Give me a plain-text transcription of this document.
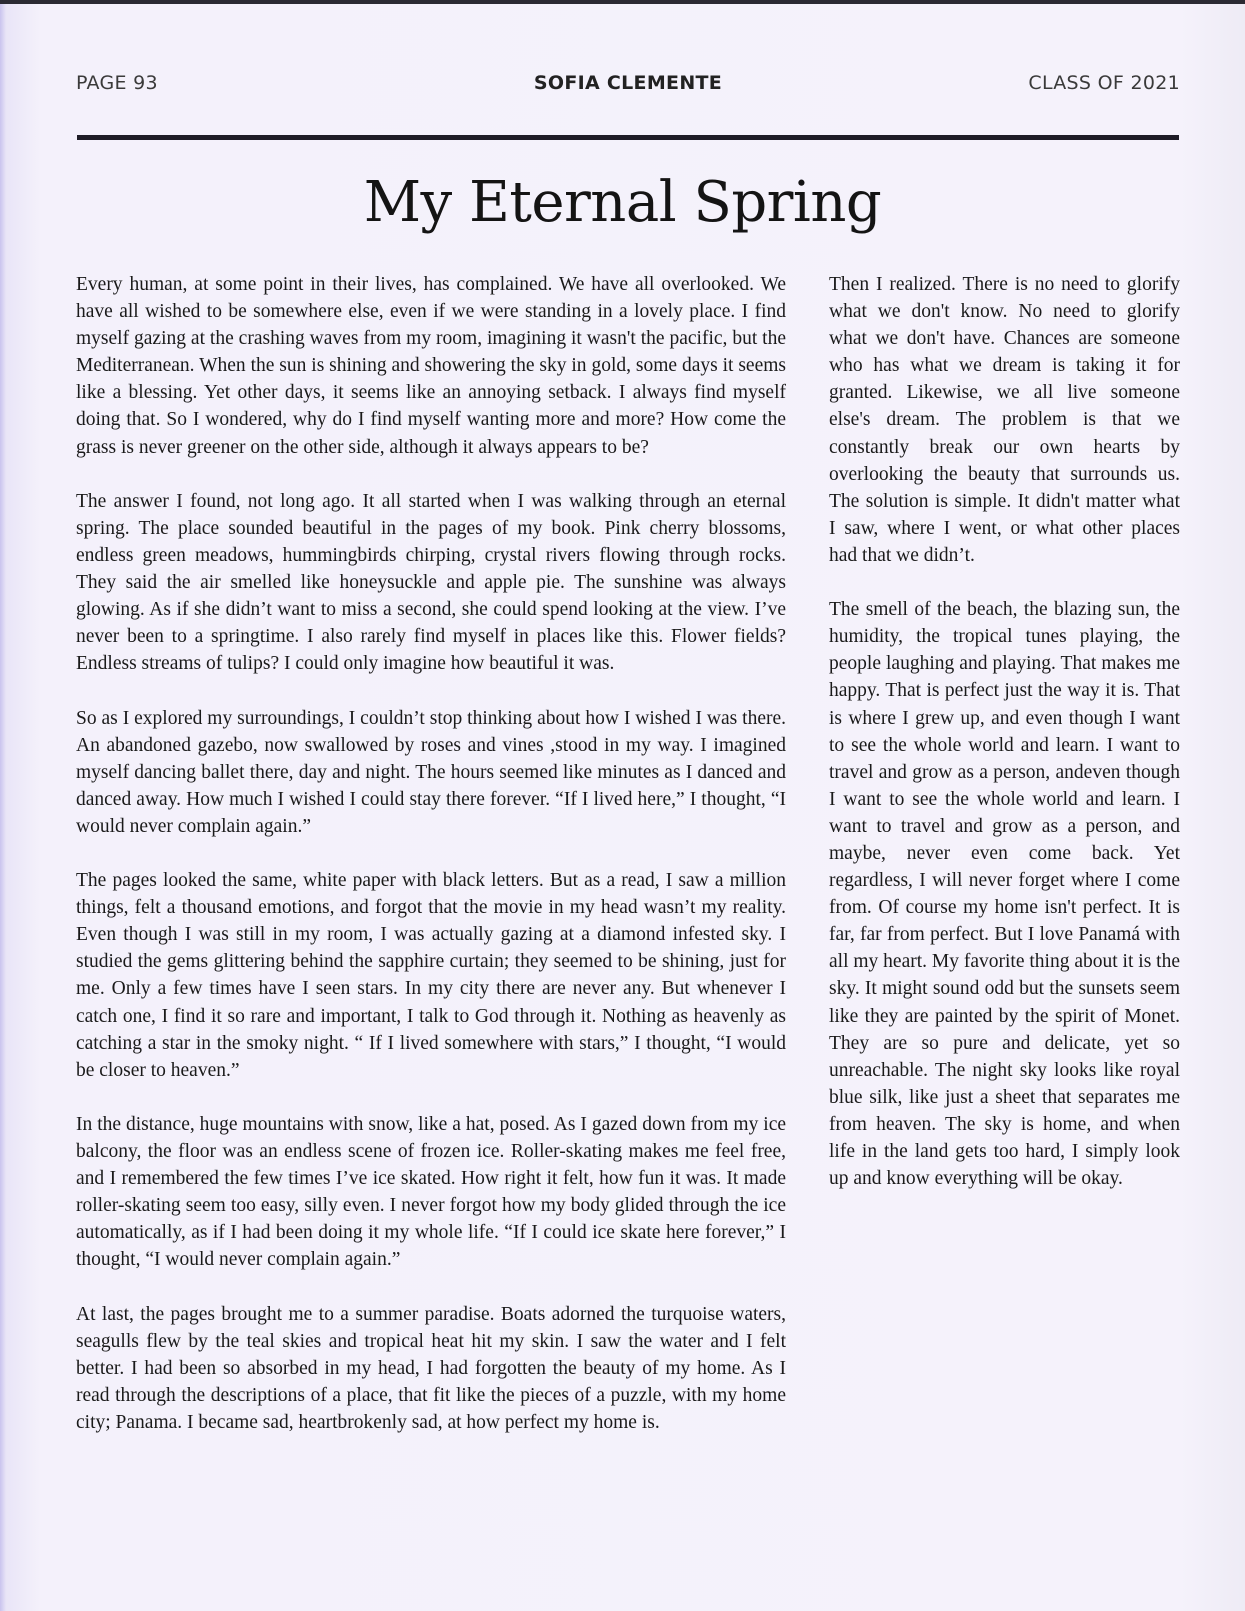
PAGE 93	SOFIA CLEMENTE	CLASS OF 2021
My Eternal Spring

Every human, at some point in their lives, has complained. We have all overlooked. We have all wished to be somewhere else, even if we were standing in a lovely place. I find myself gazing at the crashing waves from my room, imagining it wasn't the pacific, but the Mediterranean. When the sun is shining and showering the sky in gold, some days it seems like a blessing. Yet other days, it seems like an annoying setback. I always find myself doing that. So I wondered, why do I find myself wanting more and more? How come the grass is never greener on the other side, although it always appears to be?

The answer I found, not long ago. It all started when I was walking through an eternal spring. The place sounded beautiful in the pages of my book. Pink cherry blossoms, endless green meadows, hummingbirds chirping, crystal rivers flowing through rocks. They said the air smelled like honeysuckle and apple pie. The sunshine was always glowing. As if she didn’t want to miss a second, she could spend looking at the view. I’ve never been to a springtime. I also rarely find myself in places like this. Flower fields? Endless streams of tulips? I could only imagine how beautiful it was.

So as I explored my surroundings, I couldn’t stop thinking about how I wished I was there. An abandoned gazebo, now swallowed by roses and vines ,stood in my way. I imagined myself dancing ballet there, day and night. The hours seemed like minutes as I danced and danced away. How much I wished I could stay there forever. “If I lived here,” I thought, “I would never complain again.”

The pages looked the same, white paper with black letters. But as a read, I saw a million things, felt a thousand emotions, and forgot that the movie in my head wasn’t my reality. Even though I was still in my room, I was actually gazing at a diamond infested sky. I studied the gems glittering behind the sapphire curtain; they seemed to be shining, just for me. Only a few times have I seen stars. In my city there are never any. But whenever I catch one, I find it so rare and important, I talk to God through it. Nothing as heavenly as catching a star in the smoky night. “ If I lived somewhere with stars,” I thought, “I would be closer to heaven.”

In the distance, huge mountains with snow, like a hat, posed. As I gazed down from my ice balcony, the floor was an endless scene of frozen ice. Roller-skating makes me feel free, and I remembered the few times I’ve ice skated. How right it felt, how fun it was. It made roller-skating seem too easy, silly even. I never forgot how my body glided through the ice automatically, as if I had been doing it my whole life. “If I could ice skate here forever,” I thought, “I would never complain again.”

At last, the pages brought me to a summer paradise. Boats adorned the turquoise waters, seagulls flew by the teal skies and tropical heat hit my skin. I saw the water and I felt better. I had been so absorbed in my head, I had forgotten the beauty of my home. As I read through the descriptions of a place, that fit like the pieces of a puzzle, with my home city; Panama. I became sad, heartbrokenly sad, at how perfect my home is.

Then I realized. There is no need to glorify what we don't know. No need to glorify what we don't have. Chances are someone who has what we dream is taking it for granted. Likewise, we all live someone else's dream. The problem is that we constantly break our own hearts by overlooking the beauty that surrounds us. The solution is simple. It didn't matter what I saw, where I went, or what other places had that we didn’t.

The smell of the beach, the blazing sun, the humidity, the tropical tunes playing, the people laughing and playing. That makes me happy. That is perfect just the way it is. That is where I grew up, and even though I want to see the whole world and learn. I want to travel and grow as a person, andeven though I want to see the whole world and learn. I want to travel and grow as a person, and maybe, never even come back. Yet regardless, I will never forget where I come from. Of course my home isn't perfect. It is far, far from perfect. But I love Panamá with all my heart. My favorite thing about it is the sky. It might sound odd but the sunsets seem like they are painted by the spirit of Monet. They are so pure and delicate, yet so unreachable. The night sky looks like royal blue silk, like just a sheet that separates me from heaven. The sky is home, and when life in the land gets too hard, I simply look up and know everything will be okay.
